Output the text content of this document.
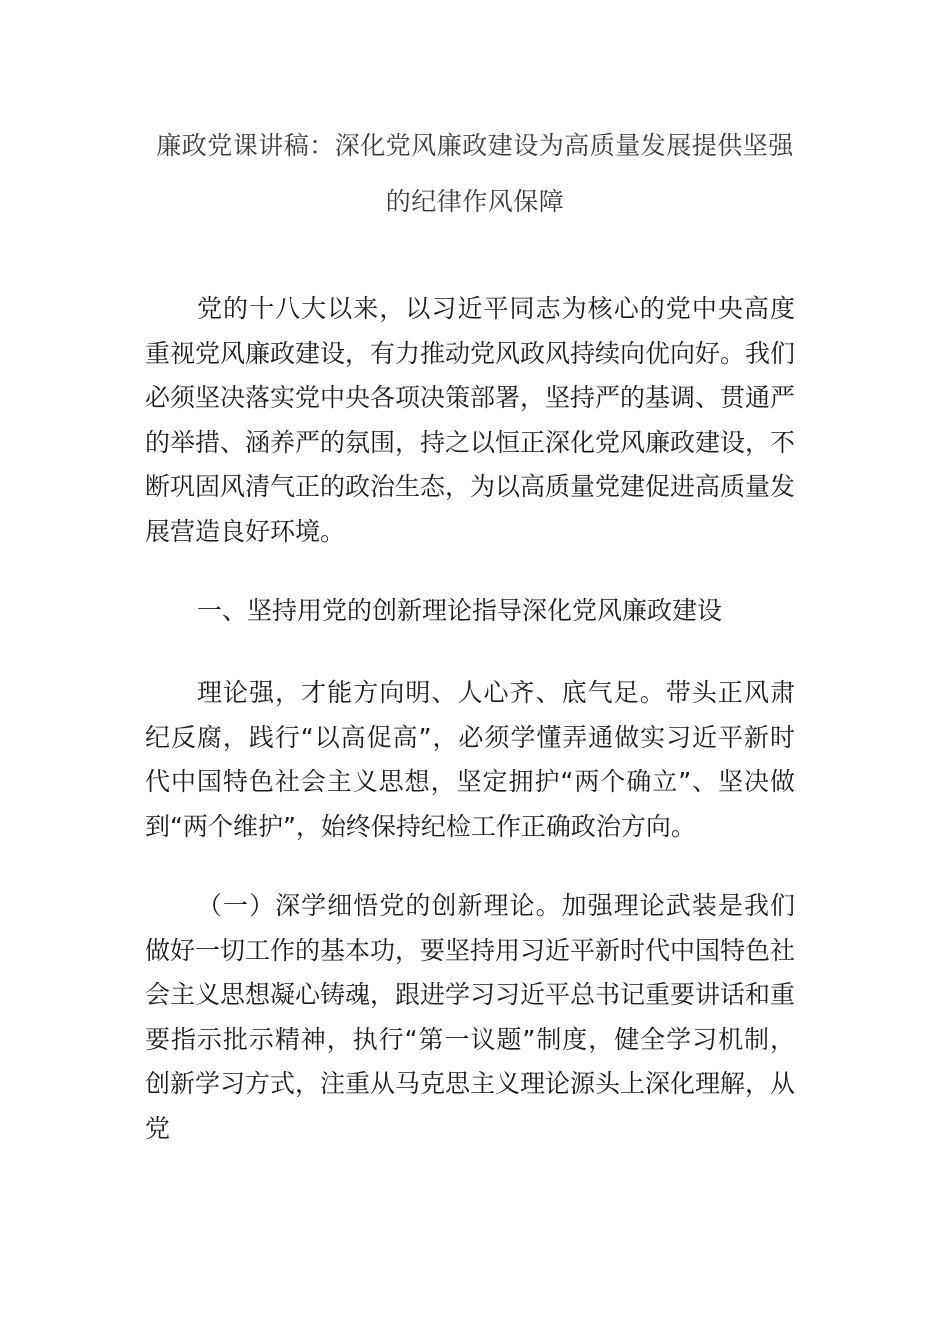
廉政党课讲稿：深化党风廉政建设为高质量发展提供坚强
的纪律作风保障

党的十八大以来，以习近平同志为核心的党中央高度重视党风廉政建设，有力推动党风政风持续向优向好。我们必须坚决落实党中央各项决策部署，坚持严的基调、贯通严的举措、涵养严的氛围，持之以恒正深化党风廉政建设，不断巩固风清气正的政治生态，为以高质量党建促进高质量发展营造良好环境。

一、坚持用党的创新理论指导深化党风廉政建设

理论强，才能方向明、人心齐、底气足。带头正风肃纪反腐，践行“以高促高”，必须学懂弄通做实习近平新时代中国特色社会主义思想，坚定拥护“两个确立”、坚决做到“两个维护”，始终保持纪检工作正确政治方向。

（一）深学细悟党的创新理论。加强理论武装是我们做好一切工作的基本功，要坚持用习近平新时代中国特色社会主义思想凝心铸魂，跟进学习习近平总书记重要讲话和重要指示批示精神，执行“第一议题”制度，健全学习机制，创新学习方式，注重从马克思主义理论源头上深化理解，从党
